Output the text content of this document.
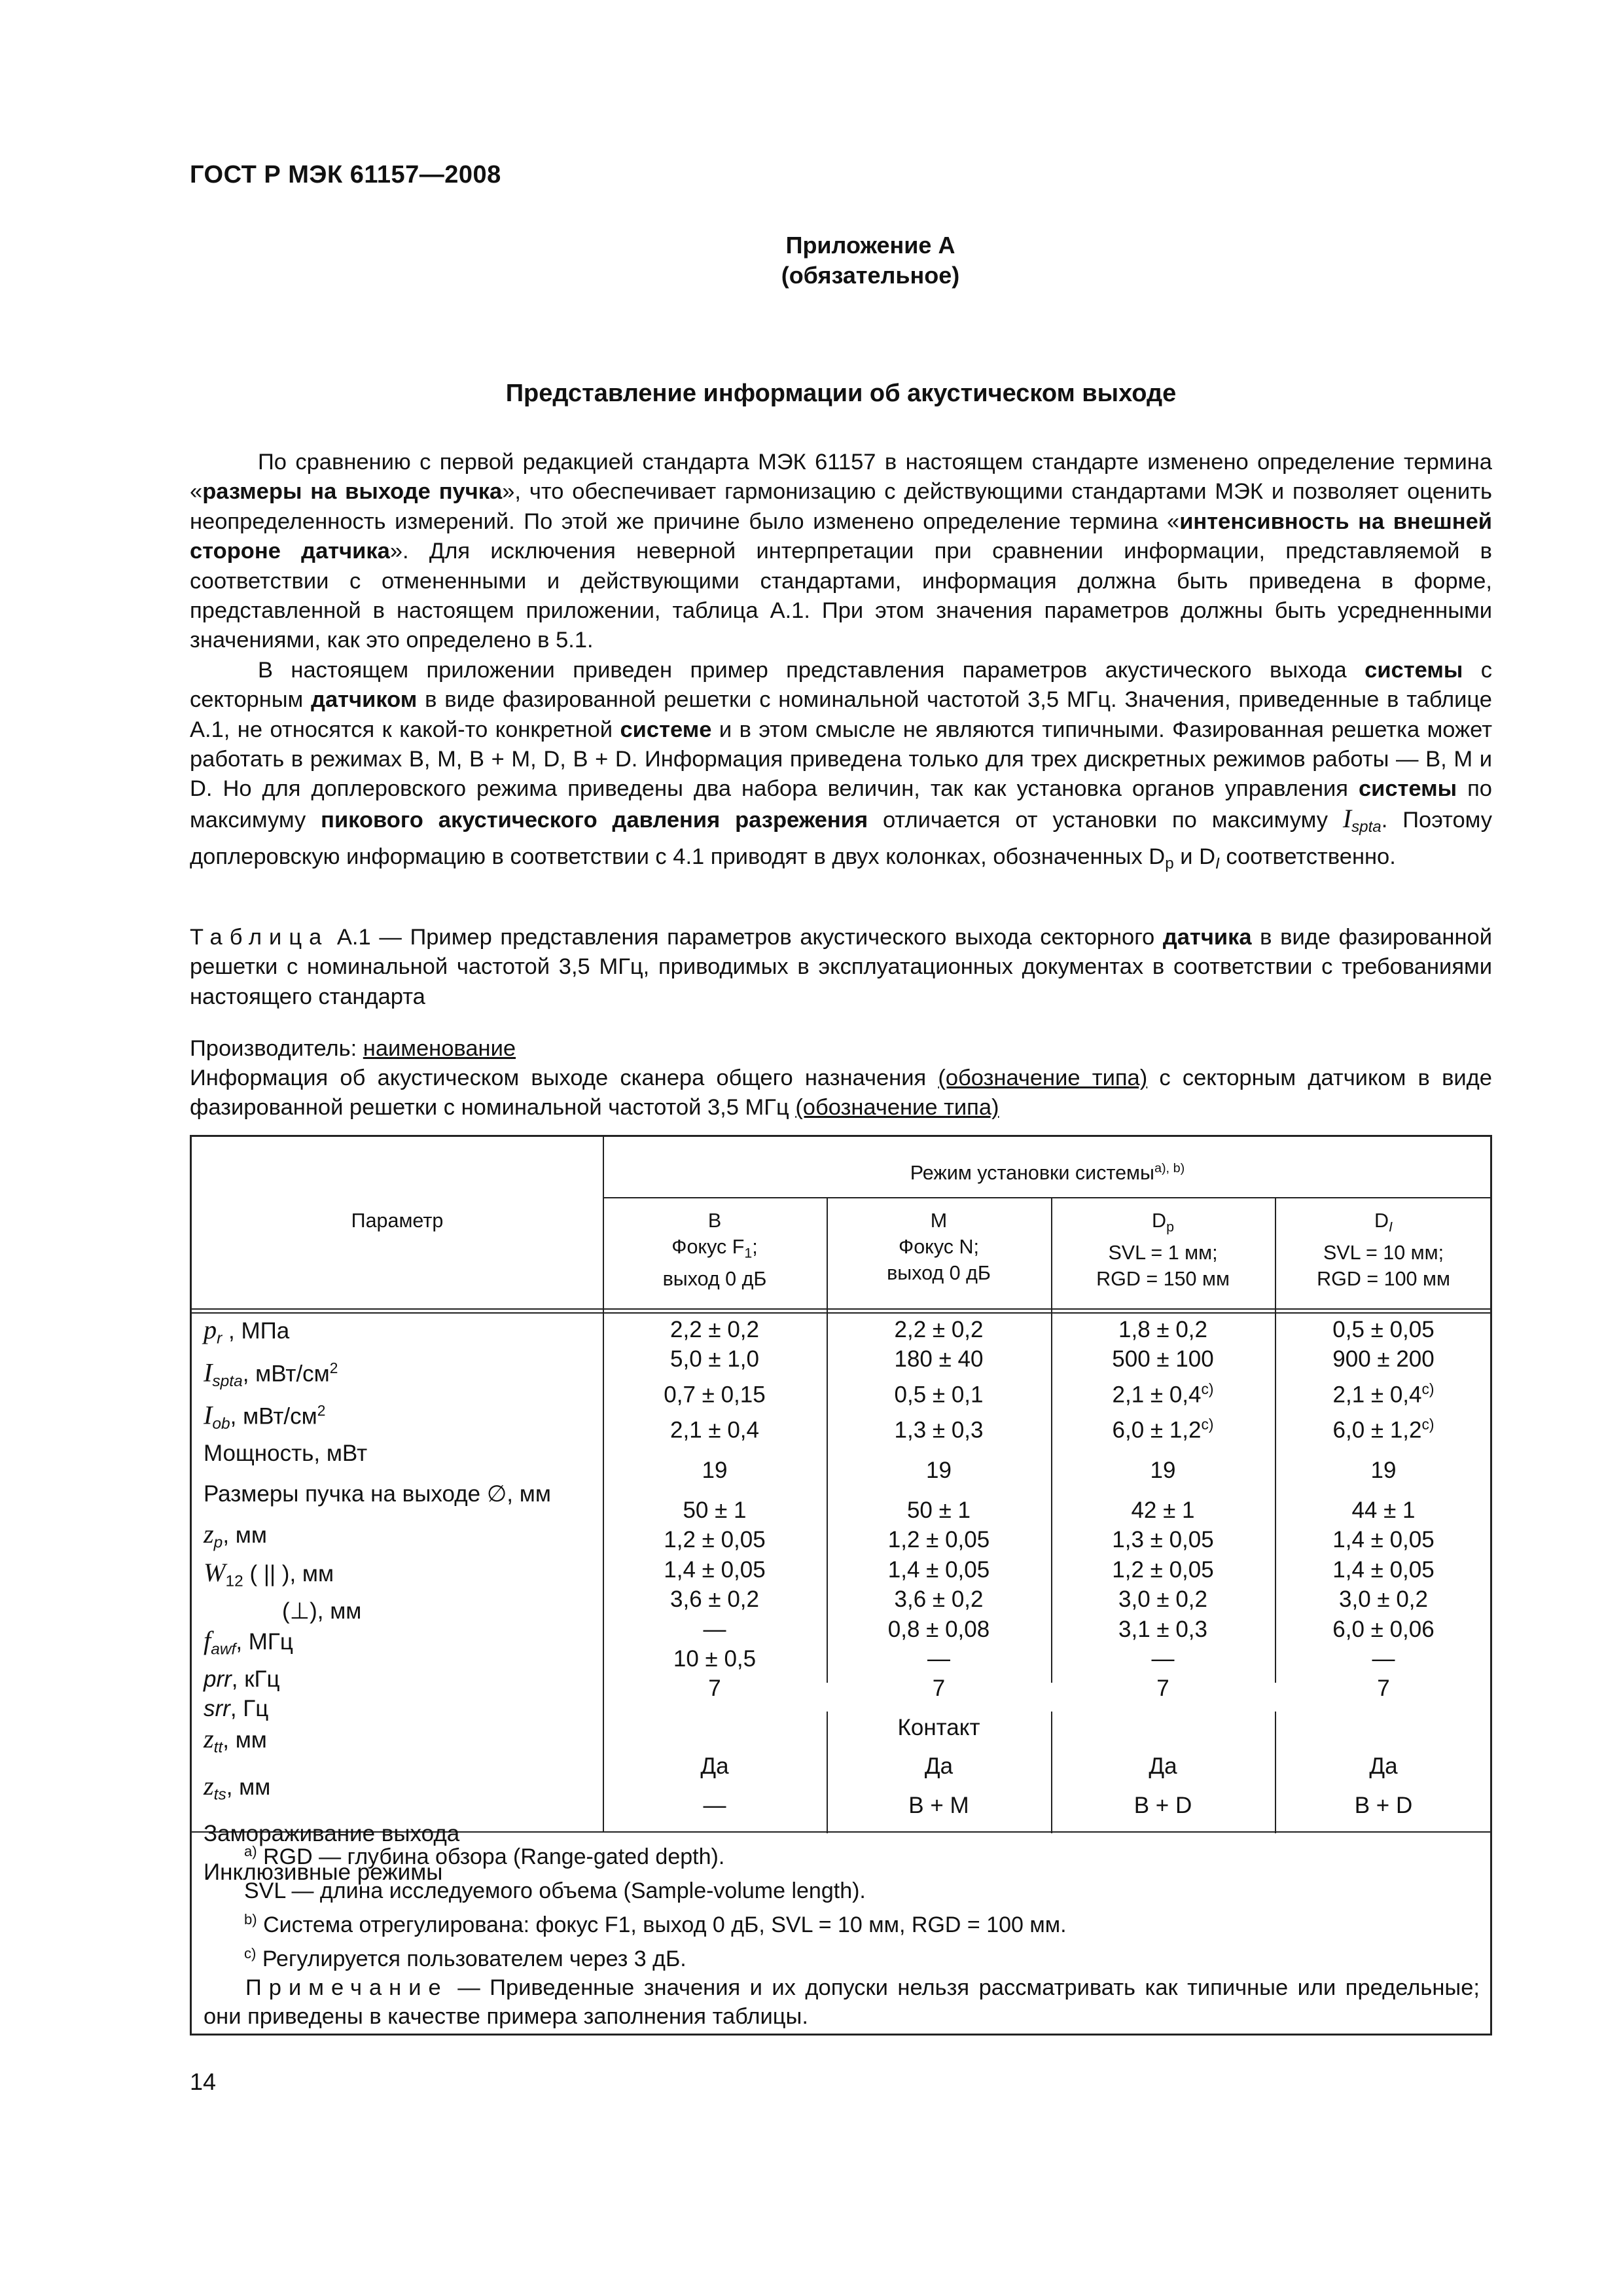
ГОСТ Р МЭК 61157—2008
Приложение А
(обязательное)
Представление информации об акустическом выходе

По сравнению с первой редакцией стандарта МЭК 61157 в настоящем стандарте изменено определение термина «размеры на выходе пучка», что обеспечивает гармонизацию с действующими стандартами МЭК и позволяет оценить неопределенность измерений. По этой же причине было изменено определение термина «интенсивность на внешней стороне датчика». Для исключения неверной интерпретации при сравнении информации, представляемой в соответствии с отмененными и действующими стандартами, информация должна быть приведена в форме, представленной в настоящем приложении, таблица А.1. При этом значения параметров должны быть усредненными значениями, как это определено в 5.1.

В настоящем приложении приведен пример представления параметров акустического выхода системы с секторным датчиком в виде фазированной решетки с номинальной частотой 3,5 МГц. Значения, приведенные в таблице А.1, не относятся к какой-то конкретной системе и в этом смысле не являются типичными. Фазированная решетка может работать в режимах B, M, B + M, D, B + D. Информация приведена только для трех дискретных режимов работы — B, M и D. Но для доплеровского режима приведены два набора величин, так как установка органов управления системы по максимуму пикового акустического давления разрежения отличается от установки по максимуму $I_{spta}$. Поэтому доплеровскую информацию в соответствии с 4.1 приводят в двух колонках, обозначенных $D_p$ и $D_I$ соответственно.

Таблица А.1 — Пример представления параметров акустического выхода секторного датчика в виде фазированной решетки с номинальной частотой 3,5 МГц, приводимых в эксплуатационных документах в соответствии с требованиями настоящего стандарта

Производитель: наименование

Информация об акустическом выходе сканера общего назначения (обозначение типа) с секторным датчиком в виде фазированной решетки с номинальной частотой 3,5 МГц (обозначение типа)

Параметр
Режим установки системы$^{a), b)}$
B
Фокус $F_1$;
выход 0 дБ
M
Фокус N;
выход 0 дБ
$D_p$
SVL = 1 мм;
RGD = 150 мм
$D_I$
SVL = 10 мм;
RGD = 100 мм
$p_r$ , МПа
$I_{spta}$, мВт/$см^2$
$I_{ob}$, мВт/$см^2$
Мощность, мВт
Размеры пучка на выходе ∅, мм
$z_p$, мм
$W_{12}$ ( || ), мм
(⊥), мм
$f_{awf}$, МГц
prr, кГц
srr, Гц
$z_{tt}$, мм
$z_{ts}$, мм
Замораживание выхода
Инклюзивные режимы
2,2 ± 0,2
5,0 ± 1,0
0,7 ± 0,15
2,1 ± 0,4
19
50 ± 1
1,2 ± 0,05
1,4 ± 0,05
3,6 ± 0,2
—
10 ± 0,5
7

Да
—
2,2 ± 0,2
180 ± 40
0,5 ± 0,1
1,3 ± 0,3
19
50 ± 1
1,2 ± 0,05
1,4 ± 0,05
3,6 ± 0,2
0,8 ± 0,08
—
7
Контакт
Да
B + M
1,8 ± 0,2
500 ± 100
$2,1 \pm 0,4^{c)}$
$6,0 \pm 1,2^{c)}$
19
42 ± 1
1,3 ± 0,05
1,2 ± 0,05
3,0 ± 0,2
3,1 ± 0,3
—
7

Да
B + D
0,5 ± 0,05
900 ± 200
$2,1 \pm 0,4^{c)}$
$6,0 \pm 1,2^{c)}$
19
44 ± 1
1,4 ± 0,05
1,4 ± 0,05
3,0 ± 0,2
6,0 ± 0,06
—
7

Да
B + D
$^{a)}$ RGD — глубина обзора (Range-gated depth).
SVL — длина исследуемого объема (Sample-volume length).
$^{b)}$ Система отрегулирована: фокус F1, выход 0 дБ, SVL = 10 мм, RGD = 100 мм.
$^{c)}$ Регулируется пользователем через 3 дБ.
Примечание — Приведенные значения и их допуски нельзя рассматривать как типичные или предельные; они приведены в качестве примера заполнения таблицы.
14
